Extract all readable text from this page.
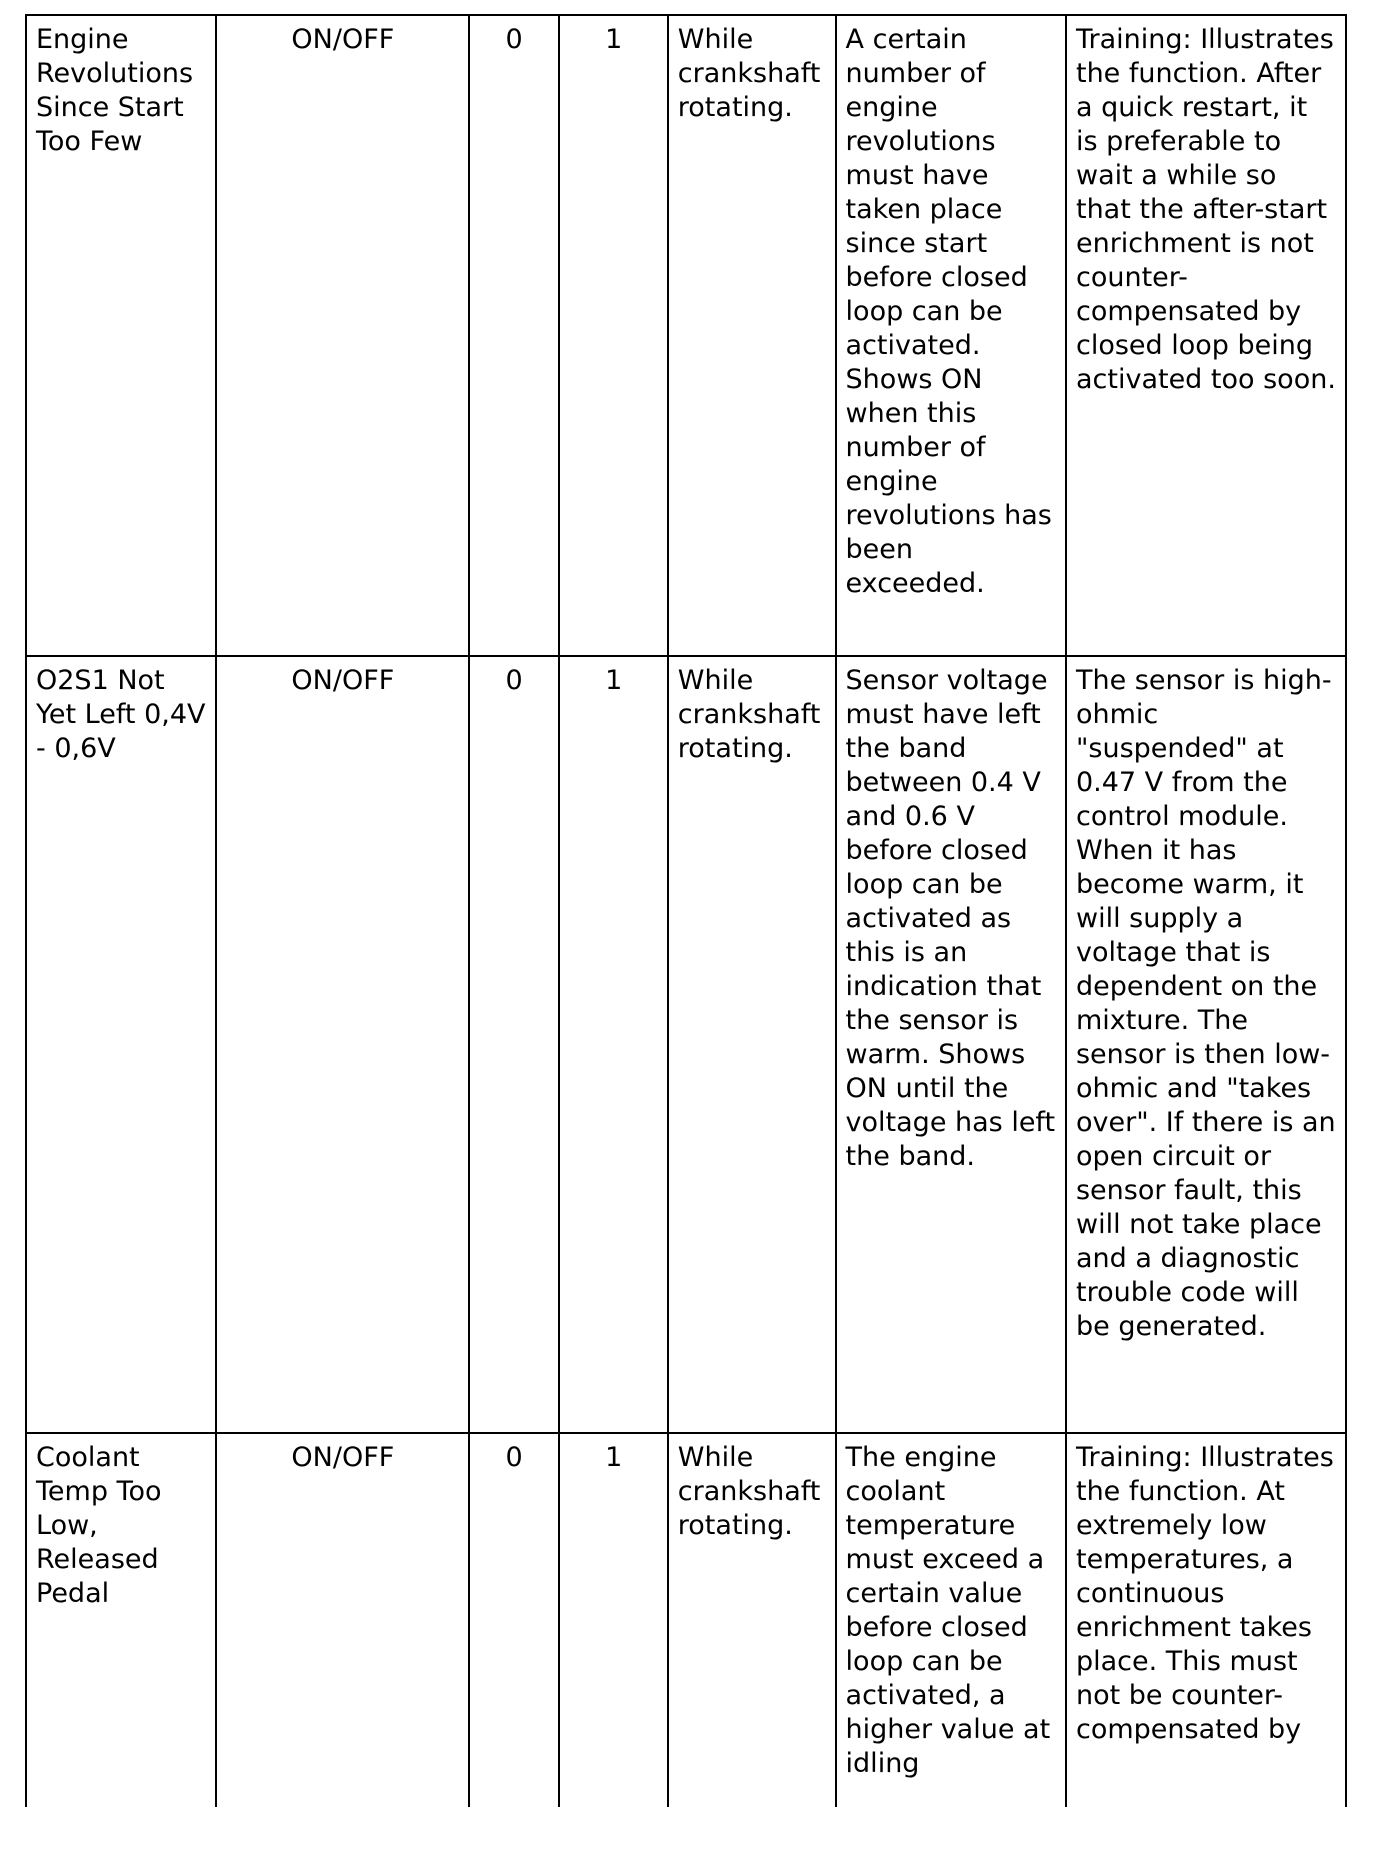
Engine Revolutions Since Start Too Few	ON/OFF	0	1	While crankshaft rotating.	A certain number of engine revolutions must have taken place since start before closed loop can be activated. Shows ON when this number of engine revolutions has been exceeded.	Training: Illustrates the function. After a quick restart, it is preferable to wait a while so that the after-start enrichment is not counter-compensated by closed loop being activated too soon.
O2S1 Not Yet Left 0,4V - 0,6V	ON/OFF	0	1	While crankshaft rotating.	Sensor voltage must have left the band between 0.4 V and 0.6 V before closed loop can be activated as this is an indication that the sensor is warm. Shows ON until the voltage has left the band.	The sensor is high-ohmic "suspended" at 0.47 V from the control module. When it has become warm, it will supply a voltage that is dependent on the mixture. The sensor is then low-ohmic and "takes over". If there is an open circuit or sensor fault, this will not take place and a diagnostic trouble code will be generated.
Coolant Temp Too Low, Released Pedal	ON/OFF	0	1	While crankshaft rotating.	The engine coolant temperature must exceed a certain value before closed loop can be activated, a higher value at idling	Training: Illustrates the function. At extremely low temperatures, a continuous enrichment takes place. This must not be counter-compensated by
